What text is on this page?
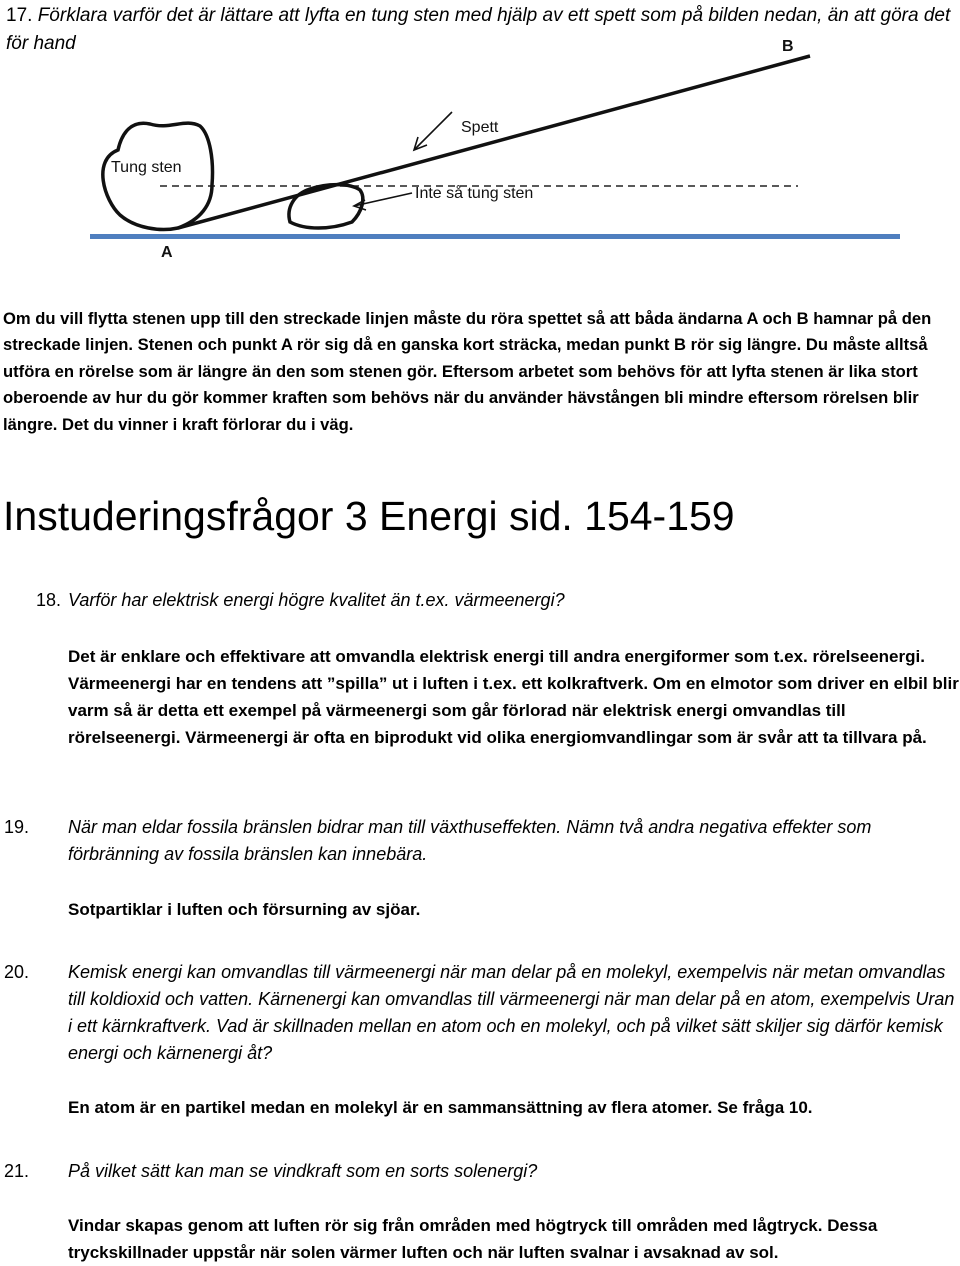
17. Förklara varför det är lättare att lyfta en tung sten med hjälp av ett spett som på bilden nedan, än att göra det för hand	B
Spett
Tung sten
Inte så tung sten
A
Om du vill flytta stenen upp till den streckade linjen måste du röra spettet så att båda ändarna A och B hamnar på den streckade linjen. Stenen och punkt A rör sig då en ganska kort sträcka, medan punkt B rör sig längre. Du måste alltså utföra en rörelse som är längre än den som stenen gör. Eftersom arbetet som behövs för att lyfta stenen är lika stort oberoende av hur du gör kommer kraften som behövs när du använder hävstången bli mindre eftersom rörelsen blir längre. Det du vinner i kraft förlorar du i väg.
Instuderingsfrågor 3 Energi sid. 154-159
18. Varför har elektrisk energi högre kvalitet än t.ex. värmeenergi?
Det är enklare och effektivare att omvandla elektrisk energi till andra energiformer som t.ex. rörelseenergi. Värmeenergi har en tendens att ”spilla” ut i luften i t.ex. ett kolkraftverk. Om en elmotor som driver en elbil blir varm så är detta ett exempel på värmeenergi som går förlorad när elektrisk energi omvandlas till rörelseenergi. Värmeenergi är ofta en biprodukt vid olika energiomvandlingar som är svår att ta tillvara på.
19. När man eldar fossila bränslen bidrar man till växthuseffekten. Nämn två andra negativa effekter som förbränning av fossila bränslen kan innebära.
Sotpartiklar i luften och försurning av sjöar.
20. Kemisk energi kan omvandlas till värmeenergi när man delar på en molekyl, exempelvis när metan omvandlas till koldioxid och vatten. Kärnenergi kan omvandlas till värmeenergi när man delar på en atom, exempelvis Uran i ett kärnkraftverk. Vad är skillnaden mellan en atom och en molekyl, och på vilket sätt skiljer sig därför kemisk energi och kärnenergi åt?
En atom är en partikel medan en molekyl är en sammansättning av flera atomer. Se fråga 10.
21. På vilket sätt kan man se vindkraft som en sorts solenergi?
Vindar skapas genom att luften rör sig från områden med högtryck till områden med lågtryck. Dessa tryckskillnader uppstår när solen värmer luften och när luften svalnar i avsaknad av sol.
